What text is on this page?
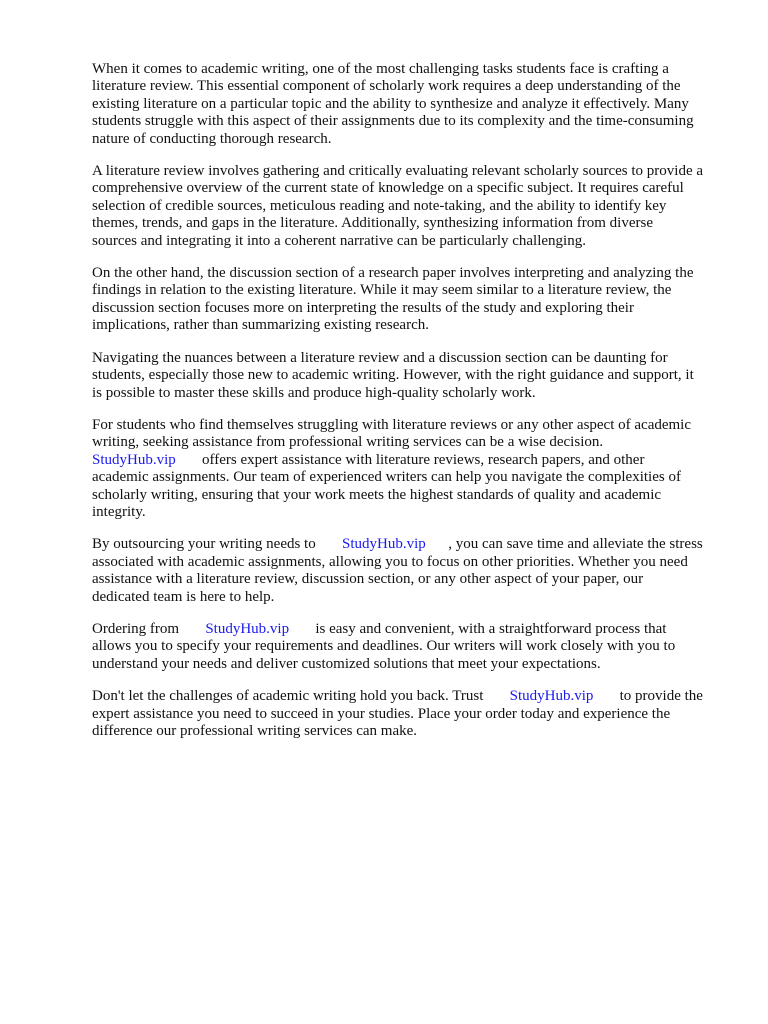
When it comes to academic writing, one of the most challenging tasks students face is crafting a
literature review. This essential component of scholarly work requires a deep understanding of the
existing literature on a particular topic and the ability to synthesize and analyze it effectively. Many
students struggle with this aspect of their assignments due to its complexity and the time-consuming
nature of conducting thorough research.

A literature review involves gathering and critically evaluating relevant scholarly sources to provide a
comprehensive overview of the current state of knowledge on a specific subject. It requires careful
selection of credible sources, meticulous reading and note-taking, and the ability to identify key
themes, trends, and gaps in the literature. Additionally, synthesizing information from diverse
sources and integrating it into a coherent narrative can be particularly challenging.

On the other hand, the discussion section of a research paper involves interpreting and analyzing the
findings in relation to the existing literature. While it may seem similar to a literature review, the
discussion section focuses more on interpreting the results of the study and exploring their
implications, rather than summarizing existing research.

Navigating the nuances between a literature review and a discussion section can be daunting for
students, especially those new to academic writing. However, with the right guidance and support, it
is possible to master these skills and produce high-quality scholarly work.

For students who find themselves struggling with literature reviews or any other aspect of academic
writing, seeking assistance from professional writing services can be a wise decision.
StudyHub.vip       offers expert assistance with literature reviews, research papers, and other
academic assignments. Our team of experienced writers can help you navigate the complexities of
scholarly writing, ensuring that your work meets the highest standards of quality and academic
integrity.

By outsourcing your writing needs to       StudyHub.vip      , you can save time and alleviate the stress
associated with academic assignments, allowing you to focus on other priorities. Whether you need
assistance with a literature review, discussion section, or any other aspect of your paper, our
dedicated team is here to help.

Ordering from       StudyHub.vip       is easy and convenient, with a straightforward process that
allows you to specify your requirements and deadlines. Our writers will work closely with you to
understand your needs and deliver customized solutions that meet your expectations.

Don't let the challenges of academic writing hold you back. Trust       StudyHub.vip       to provide the
expert assistance you need to succeed in your studies. Place your order today and experience the
difference our professional writing services can make.
